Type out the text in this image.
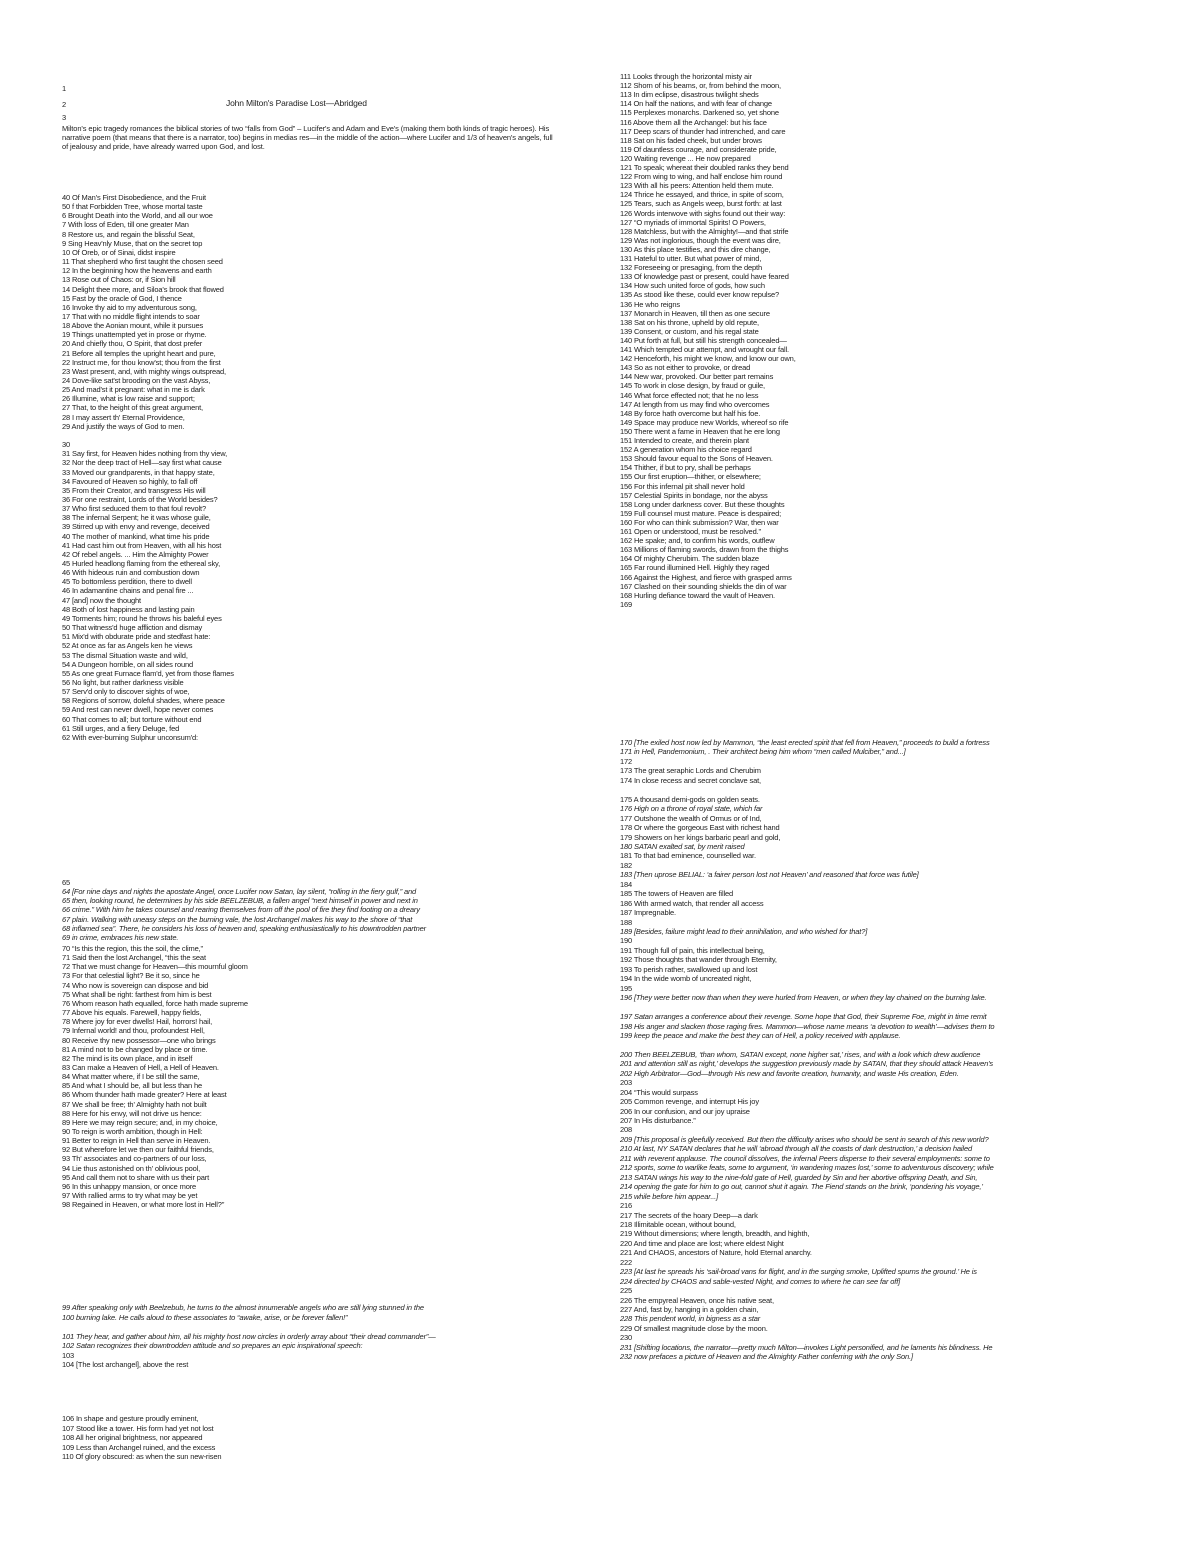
1
2	John Milton's Paradise Lost—Abridged
3
Milton's epic tragedy romances the biblical stories of two “falls from God” – Lucifer's and Adam and Eve's (making them both kinds of tragic heroes). His narrative poem (that means that there is a narrator, too) begins in medias res—in the middle of the action—where Lucifer and 1/3 of heaven's angels, full of jealousy and pride, have already warred upon God, and lost.
40 Of Man's First Disobedience, and the Fruit
50 f that Forbidden Tree, whose mortal taste
6 Brought Death into the World, and all our woe
7 With loss of Eden, till one greater Man
8 Restore us, and regain the blissful Seat,
9 Sing Heav'nly Muse, that on the secret top
10 Of Oreb, or of Sinai, didst inspire
11 That shepherd who first taught the chosen seed
12 In the beginning how the heavens and earth
13 Rose out of Chaos: or, if Sion hill
14 Delight thee more, and Siloa's brook that flowed
15 Fast by the oracle of God, I thence
16 Invoke thy aid to my adventurous song,
17 That with no middle flight intends to soar
18 Above the Aonian mount, while it pursues
19 Things unattempted yet in prose or rhyme.
20 And chiefly thou, O Spirit, that dost prefer
21 Before all temples the upright heart and pure,
22 Instruct me, for thou know'st; thou from the first
23 Wast present, and, with mighty wings outspread,
24 Dove-like sat'st brooding on the vast Abyss,
25 And mad'st it pregnant: what in me is dark
26 Illumine, what is low raise and support;
27 That, to the height of this great argument,
28 I may assert th' Eternal Providence,
29 And justify the ways of God to men.
30
31 Say first, for Heaven hides nothing from thy view,
32 Nor the deep tract of Hell—say first what cause
33 Moved our grandparents, in that happy state,
34 Favoured of Heaven so highly, to fall off
35 From their Creator, and transgress His will
36 For one restraint, Lords of the World besides?
37 Who first seduced them to that foul revolt?
38 The infernal Serpent; he it was whose guile,
39 Stirred up with envy and revenge, deceived
40 The mother of mankind, what time his pride
41 Had cast him out from Heaven, with all his host
42 Of rebel angels. ... Him the Almighty Power
45 Hurled headlong flaming from the ethereal sky,
46 With hideous ruin and combustion down
45 To bottomless perdition, there to dwell
46 In adamantine chains and penal fire ...
47 [and] now the thought
48 Both of lost happiness and lasting pain
49 Torments him; round he throws his baleful eyes
50 That witness'd huge affliction and dismay
51 Mix'd with obdurate pride and stedfast hate:
52 At once as far as Angels ken he views
53 The dismal Situation waste and wild,
54 A Dungeon horrible, on all sides round
55 As one great Furnace flam'd, yet from those flames
56 No light, but rather darkness visible
57 Serv'd only to discover sights of woe,
58 Regions of sorrow, doleful shades, where peace
59 And rest can never dwell, hope never comes
60 That comes to all; but torture without end
61 Still urges, and a fiery Deluge, fed
62 With ever-burning Sulphur unconsum'd:
64 [For nine days and nights the apostate Angel, once Lucifer now Satan, lay silent, “rolling in the fiery gulf,” and
65 then, looking round, he determines by his side BEELZEBUB, a fallen angel “next himself in power and next in
66 crime.” With him he takes counsel and rearing themselves from off the pool of fire they find footing on a dreary
67 plain. Walking with uneasy steps on the burning vale, the lost Archangel makes his way to the shore of “that
68 inflamed sea”. There, he considers his loss of heaven and, speaking enthusiastically to his downtrodden partner
69 in crime, embraces his new state.
65
70 “Is this the region, this the soil, the clime,”
71 Said then the lost Archangel, “this the seat
72 That we must change for Heaven—this mournful gloom
73 For that celestial light? Be it so, since he
74 Who now is sovereign can dispose and bid
75 What shall be right: farthest from him is best
76 Whom reason hath equalled, force hath made supreme
77 Above his equals. Farewell, happy fields,
78 Where joy for ever dwells! Hail, horrors! hail,
79 Infernal world! and thou, profoundest Hell,
80 Receive thy new possessor—one who brings
81 A mind not to be changed by place or time.
82 The mind is its own place, and in itself
83 Can make a Heaven of Hell, a Hell of Heaven.
84 What matter where, if I be still the same,
85 And what I should be, all but less than he
86 Whom thunder hath made greater? Here at least
87 We shall be free; th' Almighty hath not built
88 Here for his envy, will not drive us hence:
89 Here we may reign secure; and, in my choice,
90 To reign is worth ambition, though in Hell:
91 Better to reign in Hell than serve in Heaven.
92 But wherefore let we then our faithful friends,
93 Th' associates and co-partners of our loss,
94 Lie thus astonished on th' oblivious pool,
95 And call them not to share with us their part
96 In this unhappy mansion, or once more
97 With rallied arms to try what may be yet
98 Regained in Heaven, or what more lost in Hell?”
99 After speaking only with Beelzebub, he turns to the almost innumerable angels who are still lying stunned in the
100 burning lake. He calls aloud to these associates to “awake, arise, or be forever fallen!”
101 They hear, and gather about him, all his mighty host now circles in orderly array about “their dread commander”—
102 Satan recognizes their downtrodden attitude and so prepares an epic inspirational speech:
103
104 [The lost archangel], above the rest
106 In shape and gesture proudly eminent,
107 Stood like a tower. His form had yet not lost
108 All her original brightness, nor appeared
109 Less than Archangel ruined, and the excess
110 Of glory obscured: as when the sun new-risen
111 Looks through the horizontal misty air
112 Shorn of his beams, or, from behind the moon,
113 In dim eclipse, disastrous twilight sheds
114 On half the nations, and with fear of change
115 Perplexes monarchs. Darkened so, yet shone
116 Above them all the Archangel: but his face
117 Deep scars of thunder had intrenched, and care
118 Sat on his faded cheek, but under brows
119 Of dauntless courage, and considerate pride,
120 Waiting revenge ... He now prepared
121 To speak; whereat their doubled ranks they bend
122 From wing to wing, and half enclose him round
123 With all his peers: Attention held them mute.
124 Thrice he essayed, and thrice, in spite of scorn,
125 Tears, such as Angels weep, burst forth: at last
126 Words interwove with sighs found out their way:
127 “O myriads of immortal Spirits! O Powers,
128 Matchless, but with the Almighty!—and that strife
129 Was not inglorious, though the event was dire,
130 As this place testifies, and this dire change,
131 Hateful to utter. But what power of mind,
132 Foreseeing or presaging, from the depth
133 Of knowledge past or present, could have feared
134 How such united force of gods, how such
135 As stood like these, could ever know repulse?
136 He who reigns
137 Monarch in Heaven, till then as one secure
138 Sat on his throne, upheld by old repute,
139 Consent, or custom, and his regal state
140 Put forth at full, but still his strength concealed—
141 Which tempted our attempt, and wrought our fall.
142 Henceforth, his might we know, and know our own,
143 So as not either to provoke, or dread
144 New war, provoked. Our better part remains
145 To work in close design, by fraud or guile,
146 What force effected not; that he no less
147 At length from us may find who overcomes
148 By force hath overcome but half his foe.
149 Space may produce new Worlds, whereof so rife
150 There went a fame in Heaven that he ere long
151 Intended to create, and therein plant
152 A generation whom his choice regard
153 Should favour equal to the Sons of Heaven.
154 Thither, if but to pry, shall be perhaps
155 Our first eruption—thither, or elsewhere;
156 For this infernal pit shall never hold
157 Celestial Spirits in bondage, nor the abyss
158 Long under darkness cover. But these thoughts
159 Full counsel must mature. Peace is despaired;
160 For who can think submission? War, then war
161 Open or understood, must be resolved.”
162 He spake; and, to confirm his words, outflew
163 Millions of flaming swords, drawn from the thighs
164 Of mighty Cherubim. The sudden blaze
165 Far round illumined Hell. Highly they raged
166 Against the Highest, and fierce with grasped arms
167 Clashed on their sounding shields the din of war
168 Hurling defiance toward the vault of Heaven.
169
170 [The exiled host now led by Mammon, “the least erected spirit that fell from Heaven,” proceeds to build a fortress
171 in Hell, Pandemonium, . Their architect being him whom “men called Mulciber,” and...]
172
173 The great seraphic Lords and Cherubim
174 In close recess and secret conclave sat,
175 A thousand demi-gods on golden seats.
176 High on a throne of royal state, which far
177 Outshone the wealth of Ormus or of Ind,
178 Or where the gorgeous East with richest hand
179 Showers on her kings barbaric pearl and gold,
180 SATAN exalted sat, by merit raised
181 To that bad eminence, counselled war.
182
183 [Then uprose BELIAL: ‘a fairer person lost not Heaven’ and reasoned that force was futile]
184
185 The towers of Heaven are filled
186 With armed watch, that render all access
187 Impregnable.
188
189 [Besides, failure might lead to their annihilation, and who wished for that?]
190
191 Though full of pain, this intellectual being,
192 Those thoughts that wander through Eternity,
193 To perish rather, swallowed up and lost
194 In the wide womb of uncreated night,
195
196 [They were better now than when they were hurled from Heaven, or when they lay chained on the burning lake.
197 Satan arranges a conference about their revenge. Some hope that God, their Supreme Foe, might in time remit
198 His anger and slacken those raging fires. Mammon—whose name means ‘a devotion to wealth’—advises them to
199 keep the peace and make the best they can of Hell, a policy received with applause.
200 Then BEELZEBUB, ‘than whom, SATAN except, none higher sat,’ rises, and with a look which drew audience
201 and attention still as night,’ develops the suggestion previously made by SATAN, that they should attack Heaven's
202 High Arbitrator—God—through His new and favorite creation, humanity, and waste His creation, Eden.
203
204 “This would surpass
205 Common revenge, and interrupt His joy
206 In our confusion, and our joy upraise
207 In His disturbance.”
208
209 [This proposal is gleefully received. But then the difficulty arises who should be sent in search of this new world?
210 At last, NY SATAN declares that he will ‘abroad through all the coasts of dark destruction,’ a decision hailed
211 with reverent applause. The council dissolves, the infernal Peers disperse to their several employments: some to
212 sports, some to warlike feats, some to argument, ‘in wandering mazes lost,’ some to adventurous discovery; while
213 SATAN wings his way to the nine-fold gate of Hell, guarded by Sin and her abortive offspring Death, and Sin,
214 opening the gate for him to go out, cannot shut it again. The Fiend stands on the brink, ‘pondering his voyage,’
215 while before him appear...]
216
217 The secrets of the hoary Deep—a dark
218 Illimitable ocean, without bound,
219 Without dimensions; where length, breadth, and highth,
220 And time and place are lost; where eldest Night
221 And CHAOS, ancestors of Nature, hold Eternal anarchy.
222
223 [At last he spreads his ‘sail-broad vans for flight, and in the surging smoke, Uplifted spurns the ground.’ He is
224 directed by CHAOS and sable-vested Night, and comes to where he can see far off]
225
226 The empyreal Heaven, once his native seat,
227 And, fast by, hanging in a golden chain,
228 This pendent world, in bigness as a star
229 Of smallest magnitude close by the moon.
230
231 [Shifting locations, the narrator—pretty much Milton—invokes Light personified, and he laments his blindness. He
232 now prefaces a picture of Heaven and the Almighty Father conferring with the only Son.]
